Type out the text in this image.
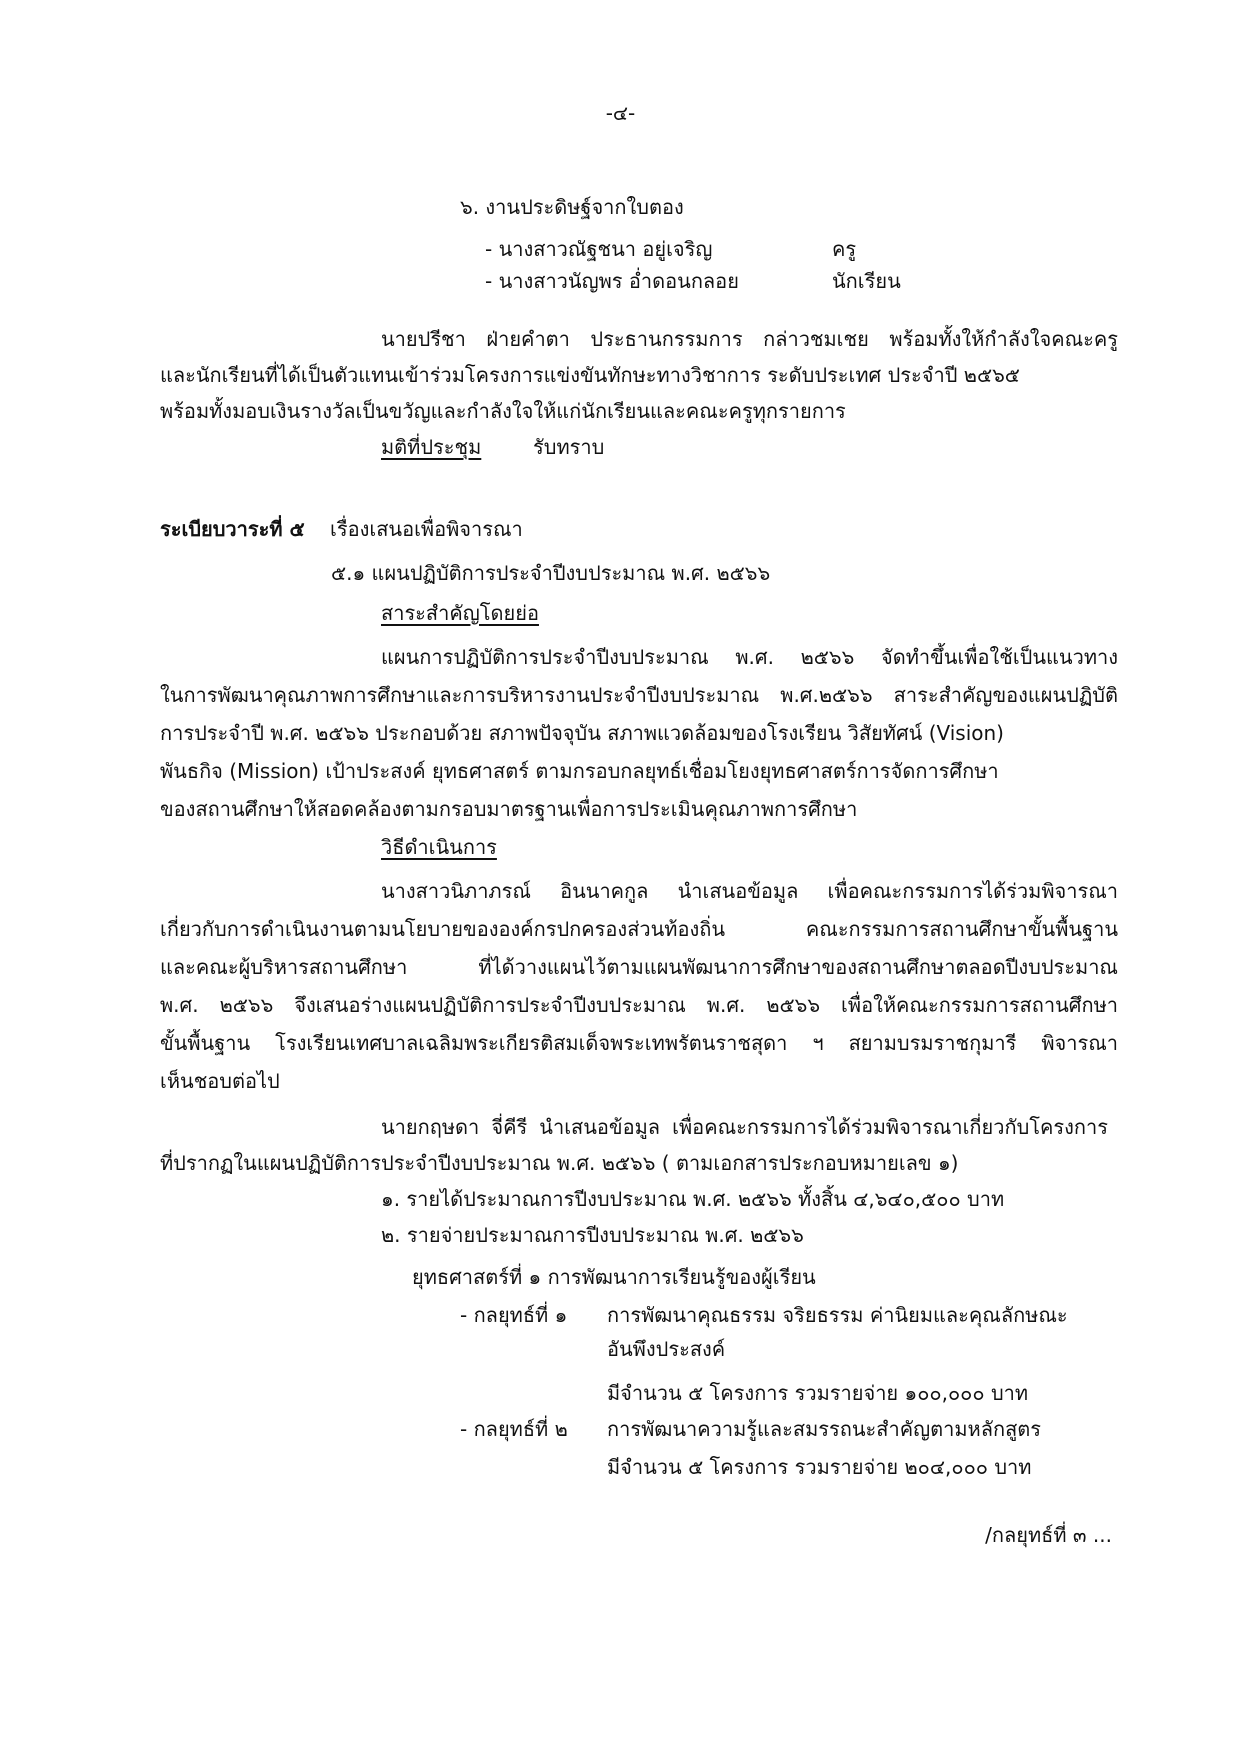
-๔-
๖. งานประดิษฐ์จากใบตอง
- นางสาวณัฐชนา อยู่เจริญ	ครู
- นางสาวนัญพร อ่ำดอนกลอย	นักเรียน
นายปรีชา ฝ่ายคำตา ประธานกรรมการ กล่าวชมเชย พร้อมทั้งให้กำลังใจคณะครู
และนักเรียนที่ได้เป็นตัวแทนเข้าร่วมโครงการแข่งขันทักษะทางวิชาการ ระดับประเทศ ประจำปี ๒๕๖๕
พร้อมทั้งมอบเงินรางวัลเป็นขวัญและกำลังใจให้แก่นักเรียนและคณะครูทุกรายการ
มติที่ประชุม	รับทราบ
ระเบียบวาระที่ ๕ เรื่องเสนอเพื่อพิจารณา
๕.๑ แผนปฏิบัติการประจำปีงบประมาณ พ.ศ. ๒๕๖๖
สาระสำคัญโดยย่อ
แผนการปฏิบัติการประจำปีงบประมาณ พ.ศ. ๒๕๖๖ จัดทำขึ้นเพื่อใช้เป็นแนวทาง
ในการพัฒนาคุณภาพการศึกษาและการบริหารงานประจำปีงบประมาณ พ.ศ.๒๕๖๖ สาระสำคัญของแผนปฏิบัติ
การประจำปี พ.ศ. ๒๕๖๖ ประกอบด้วย สภาพปัจจุบัน สภาพแวดล้อมของโรงเรียน วิสัยทัศน์ (Vision)
พันธกิจ (Mission) เป้าประสงค์ ยุทธศาสตร์ ตามกรอบกลยุทธ์เชื่อมโยงยุทธศาสตร์การจัดการศึกษา
ของสถานศึกษาให้สอดคล้องตามกรอบมาตรฐานเพื่อการประเมินคุณภาพการศึกษา
วิธีดำเนินการ
นางสาวนิภาภรณ์ อินนาคกูล นำเสนอข้อมูล เพื่อคณะกรรมการได้ร่วมพิจารณา
เกี่ยวกับการดำเนินงานตามนโยบายขององค์กรปกครองส่วนท้องถิ่น คณะกรรมการสถานศึกษาขั้นพื้นฐาน
และคณะผู้บริหารสถานศึกษา ที่ได้วางแผนไว้ตามแผนพัฒนาการศึกษาของสถานศึกษาตลอดปีงบประมาณ
พ.ศ. ๒๕๖๖ จึงเสนอร่างแผนปฏิบัติการประจำปีงบประมาณ พ.ศ. ๒๕๖๖ เพื่อให้คณะกรรมการสถานศึกษา
ขั้นพื้นฐาน โรงเรียนเทศบาลเฉลิมพระเกียรติสมเด็จพระเทพรัตนราชสุดา ฯ สยามบรมราชกุมารี พิจารณา
เห็นชอบต่อไป
นายกฤษดา จี่คีรี นำเสนอข้อมูล เพื่อคณะกรรมการได้ร่วมพิจารณาเกี่ยวกับโครงการ
ที่ปรากฏในแผนปฏิบัติการประจำปีงบประมาณ พ.ศ. ๒๕๖๖ ( ตามเอกสารประกอบหมายเลข ๑)
๑. รายได้ประมาณการปีงบประมาณ พ.ศ. ๒๕๖๖ ทั้งสิ้น ๔,๖๔๐,๕๐๐ บาท
๒. รายจ่ายประมาณการปีงบประมาณ พ.ศ. ๒๕๖๖
ยุทธศาสตร์ที่ ๑ การพัฒนาการเรียนรู้ของผู้เรียน
- กลยุทธ์ที่ ๑ การพัฒนาคุณธรรม จริยธรรม ค่านิยมและคุณลักษณะ
อันพึงประสงค์
มีจำนวน ๕ โครงการ รวมรายจ่าย ๑๐๐,๐๐๐ บาท
- กลยุทธ์ที่ ๒ การพัฒนาความรู้และสมรรถนะสำคัญตามหลักสูตร
มีจำนวน ๕ โครงการ รวมรายจ่าย ๒๐๔,๐๐๐ บาท
/กลยุทธ์ที่ ๓ ...
